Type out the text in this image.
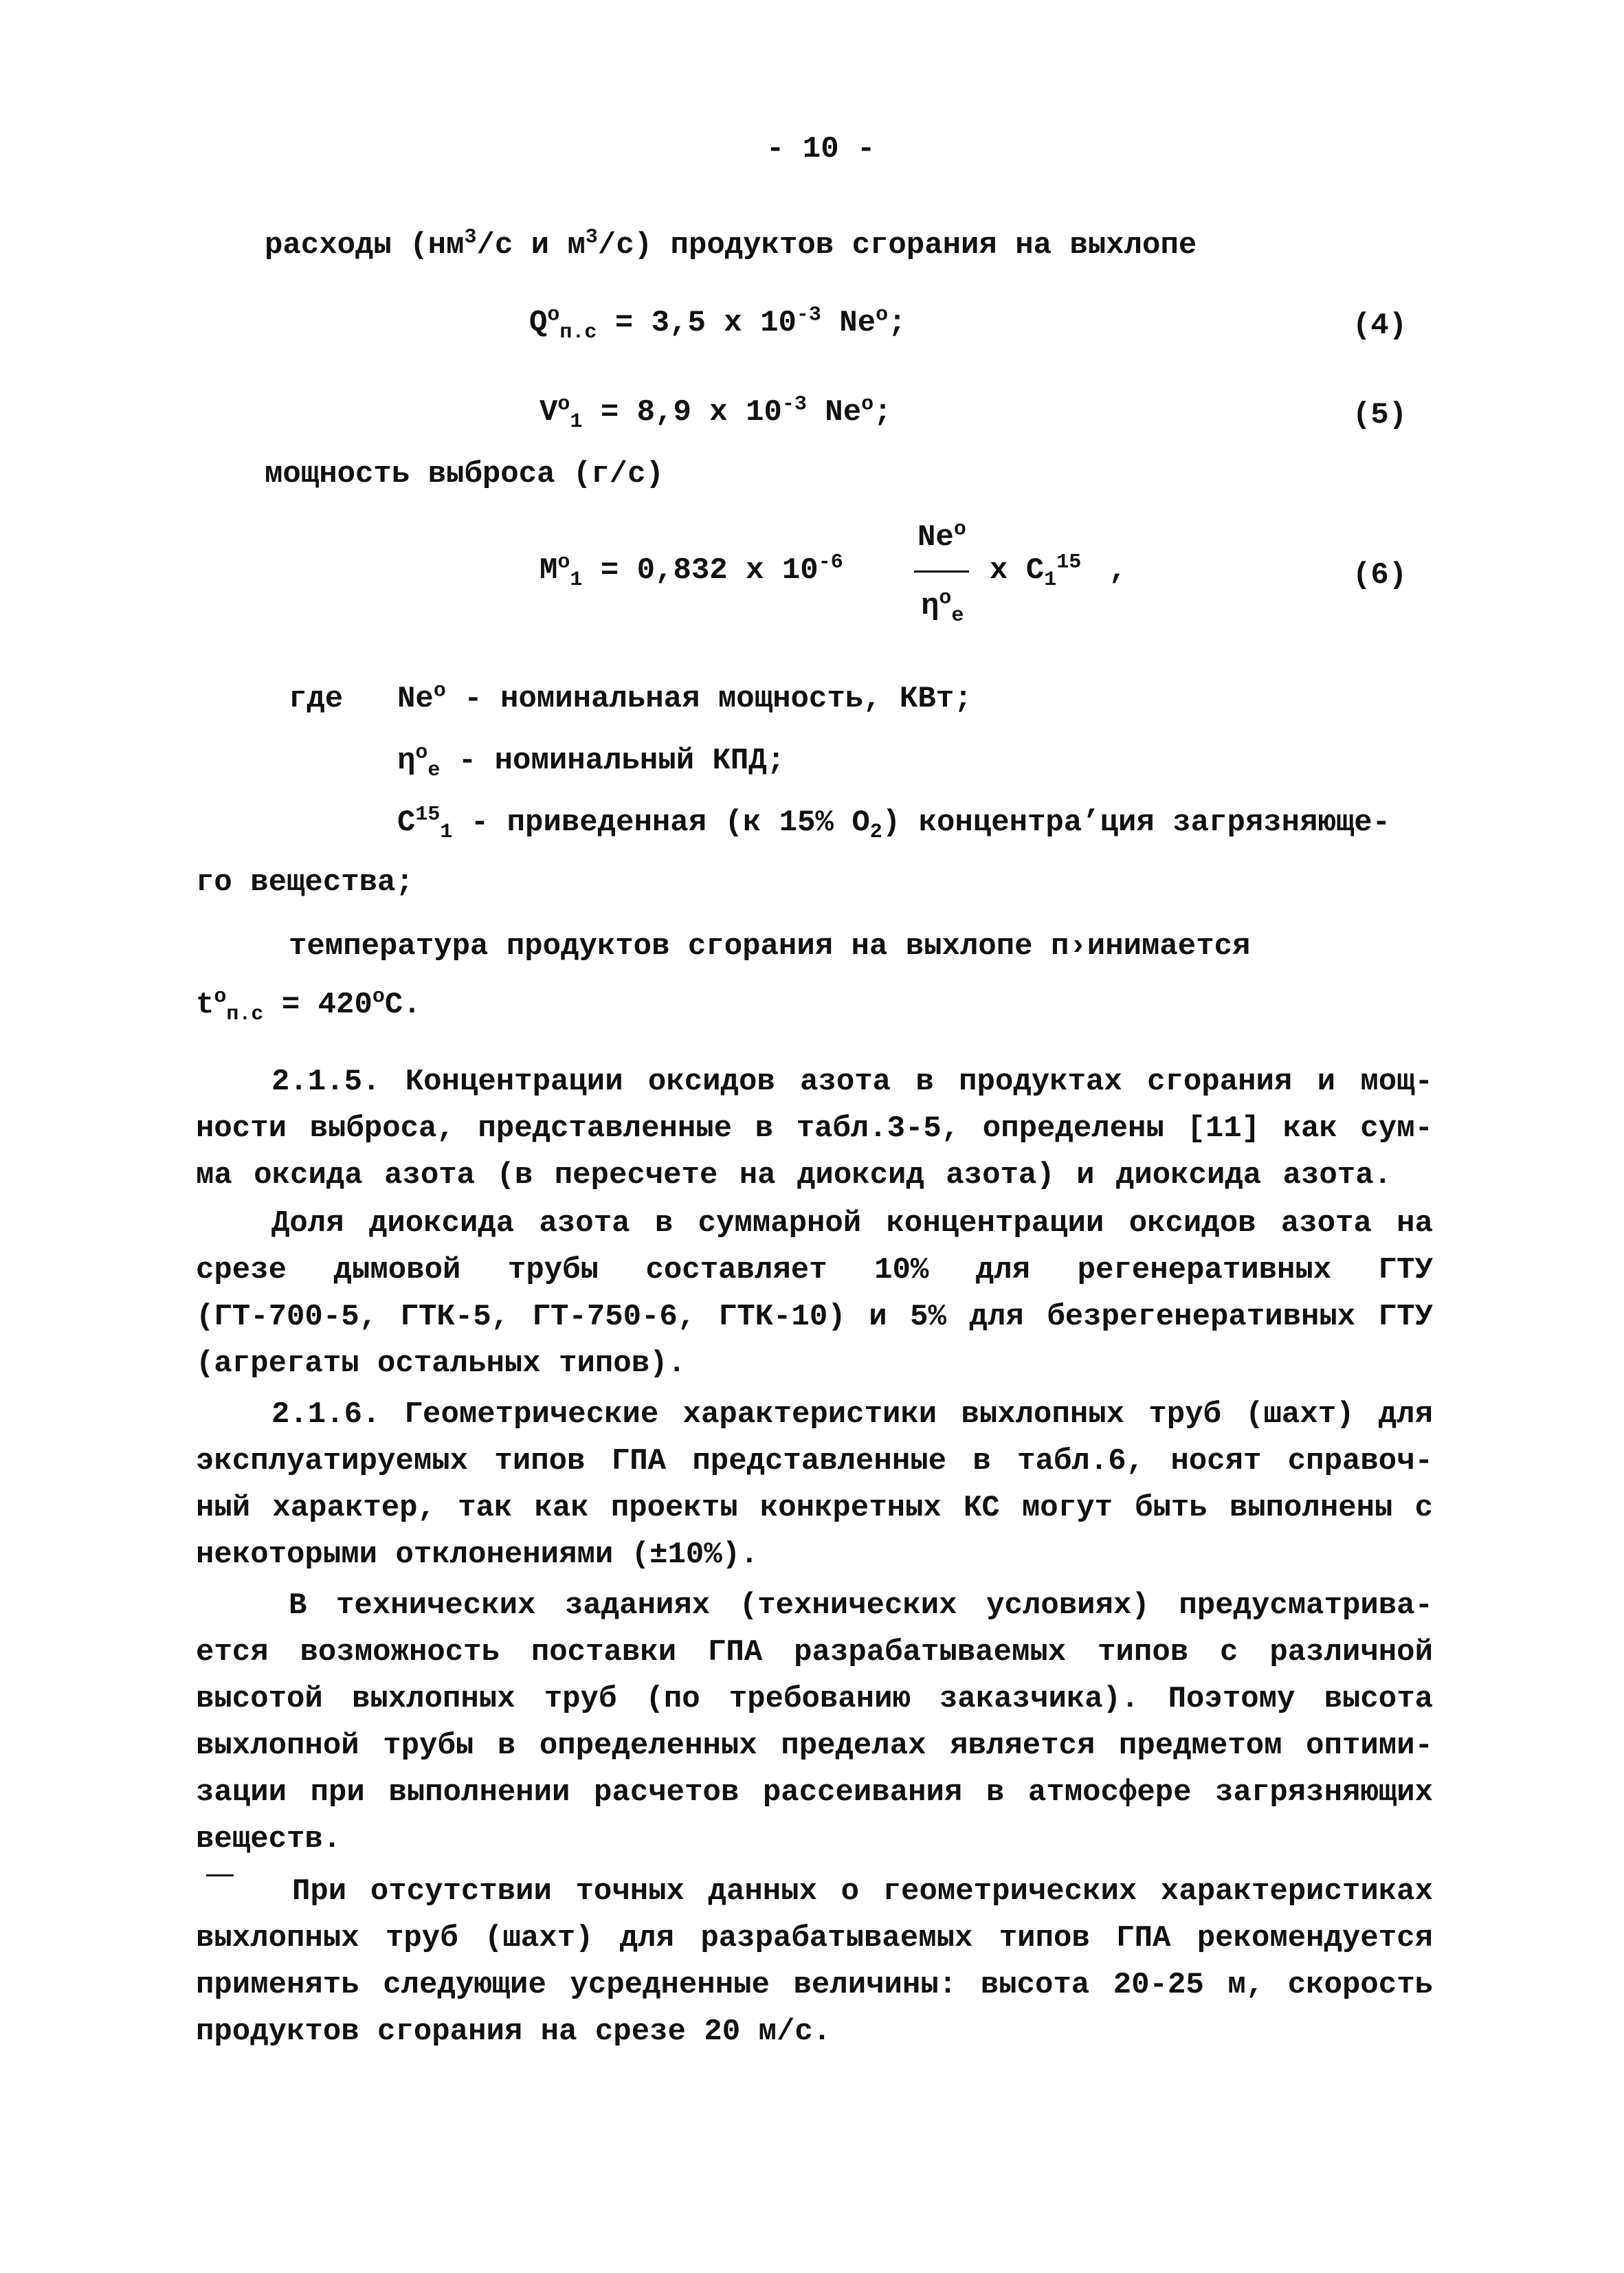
- 10 -
расходы ($нм^3/с$ и $м^3/с$) продуктов сгорания на выхлопе
$Q^o_{п.с} = 3,5$ x $10^{-3}$ Ne$^o$;	(4)
$V^o_1 = 8,9$ x $10^{-3}$ Ne$^o$;	(5)
мощность выброса (г/с)
$M^o_1 = 0,832$ x $10^{-6}$
Ne$^o$
$\eta^o_e$
x $C_1^{15}$ ,	(6)
где Ne$^o$ - номинальная мощность, КВт;
$\eta^o_e$ - номинальный КПД;
$C^{15}_1$ - приведенная (к 15% $O_2$) концентра’ция загрязняюще-
го вещества;
температура продуктов сгорания на выхлопе п›инимается
$t^o_{п.с} = 420^oC$.
2.1.5. Концентрации оксидов азота в продуктах сгорания и мощ-
ности выброса, представленные в табл.3-5, определены [11] как сум-
ма оксида азота (в пересчете на диоксид азота) и диоксида азота.
Доля диоксида азота в суммарной концентрации оксидов азота на
срезе дымовой трубы составляет 10% для регенеративных ГТУ
(ГТ-700-5, ГТК-5, ГТ-750-6, ГТК-10) и 5% для безрегенеративных ГТУ
(агрегаты остальных типов).
2.1.6. Геометрические характеристики выхлопных труб (шахт) для
эксплуатируемых типов ГПА представленные в табл.6, носят справоч-
ный характер, так как проекты конкретных КС могут быть выполнены с
некоторыми отклонениями (±10%).
В технических заданиях (технических условиях) предусматрива-
ется возможность поставки ГПА разрабатываемых типов с различной
высотой выхлопных труб (по требованию заказчика). Поэтому высота
выхлопной трубы в определенных пределах является предметом оптими-
зации при выполнении расчетов рассеивания в атмосфере загрязняющих
веществ.
При отсутствии точных данных о геометрических характеристиках
выхлопных труб (шахт) для разрабатываемых типов ГПА рекомендуется
применять следующие усредненные величины: высота 20-25 м, скорость
продуктов сгорания на срезе 20 м/с.
